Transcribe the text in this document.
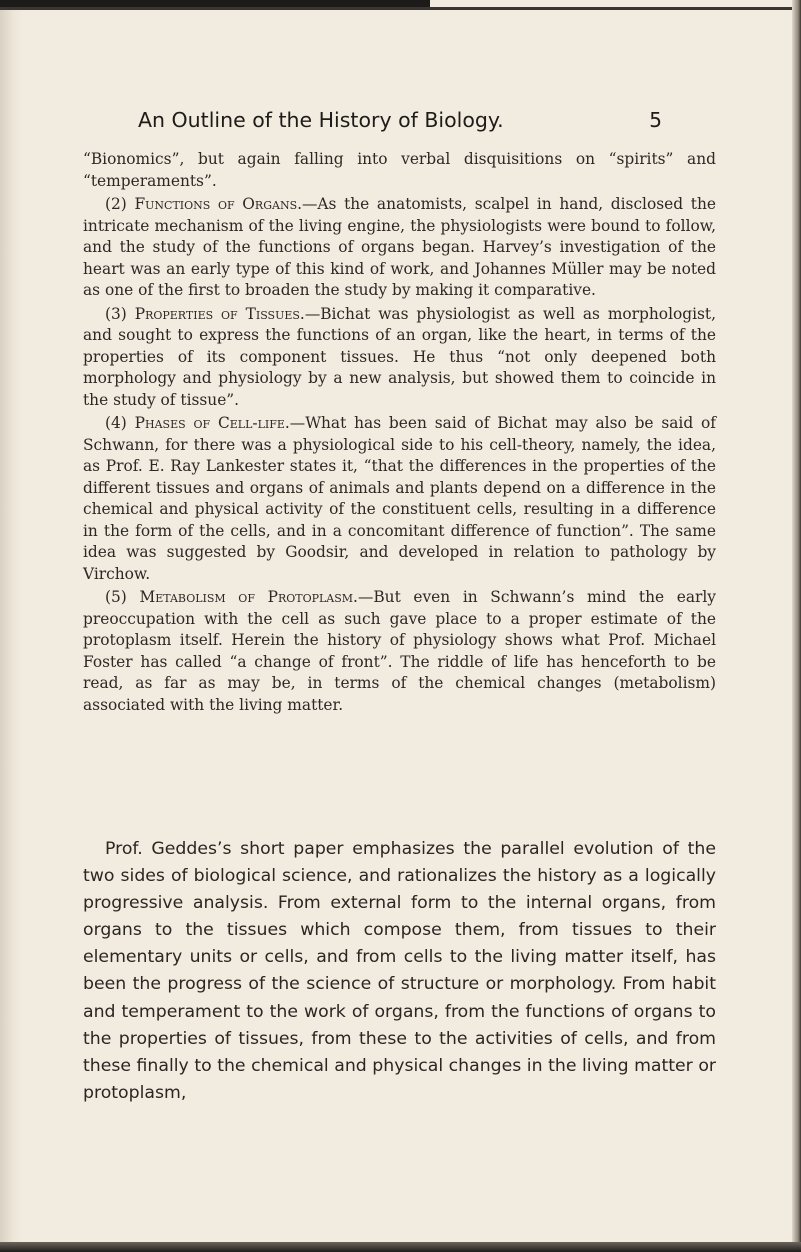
An Outline of the History of Biology.	5

“Bionomics”, but again falling into verbal disquisitions on “spirits” and “temperaments”.

(2) Functions of Organs.—As the anatomists, scalpel in hand, disclosed the intricate mechanism of the living engine, the physiologists were bound to follow, and the study of the functions of organs began. Harvey’s investigation of the heart was an early type of this kind of work, and Johannes Müller may be noted as one of the first to broaden the study by making it comparative.

(3) Properties of Tissues.—Bichat was physiologist as well as morphologist, and sought to express the functions of an organ, like the heart, in terms of the properties of its component tissues. He thus “not only deepened both morphology and physiology by a new analysis, but showed them to coincide in the study of tissue”.

(4) Phases of Cell-life.—What has been said of Bichat may also be said of Schwann, for there was a physiological side to his cell-theory, namely, the idea, as Prof. E. Ray Lankester states it, “that the differences in the properties of the different tissues and organs of animals and plants depend on a difference in the chemical and physical activity of the constituent cells, resulting in a difference in the form of the cells, and in a concomitant difference of function”. The same idea was suggested by Goodsir, and developed in relation to pathology by Virchow.

(5) Metabolism of Protoplasm.—But even in Schwann’s mind the early preoccupation with the cell as such gave place to a proper estimate of the protoplasm itself. Herein the history of physiology shows what Prof. Michael Foster has called “a change of front”. The riddle of life has henceforth to be read, as far as may be, in terms of the chemical changes (metabolism) associated with the living matter.

Prof. Geddes’s short paper emphasizes the parallel evolution of the two sides of biological science, and rationalizes the history as a logically progressive analysis. From external form to the internal organs, from organs to the tissues which compose them, from tissues to their elementary units or cells, and from cells to the living matter itself, has been the progress of the science of structure or morphology. From habit and temperament to the work of organs, from the functions of organs to the properties of tissues, from these to the activities of cells, and from these finally to the chemical and physical changes in the living matter or protoplasm,
